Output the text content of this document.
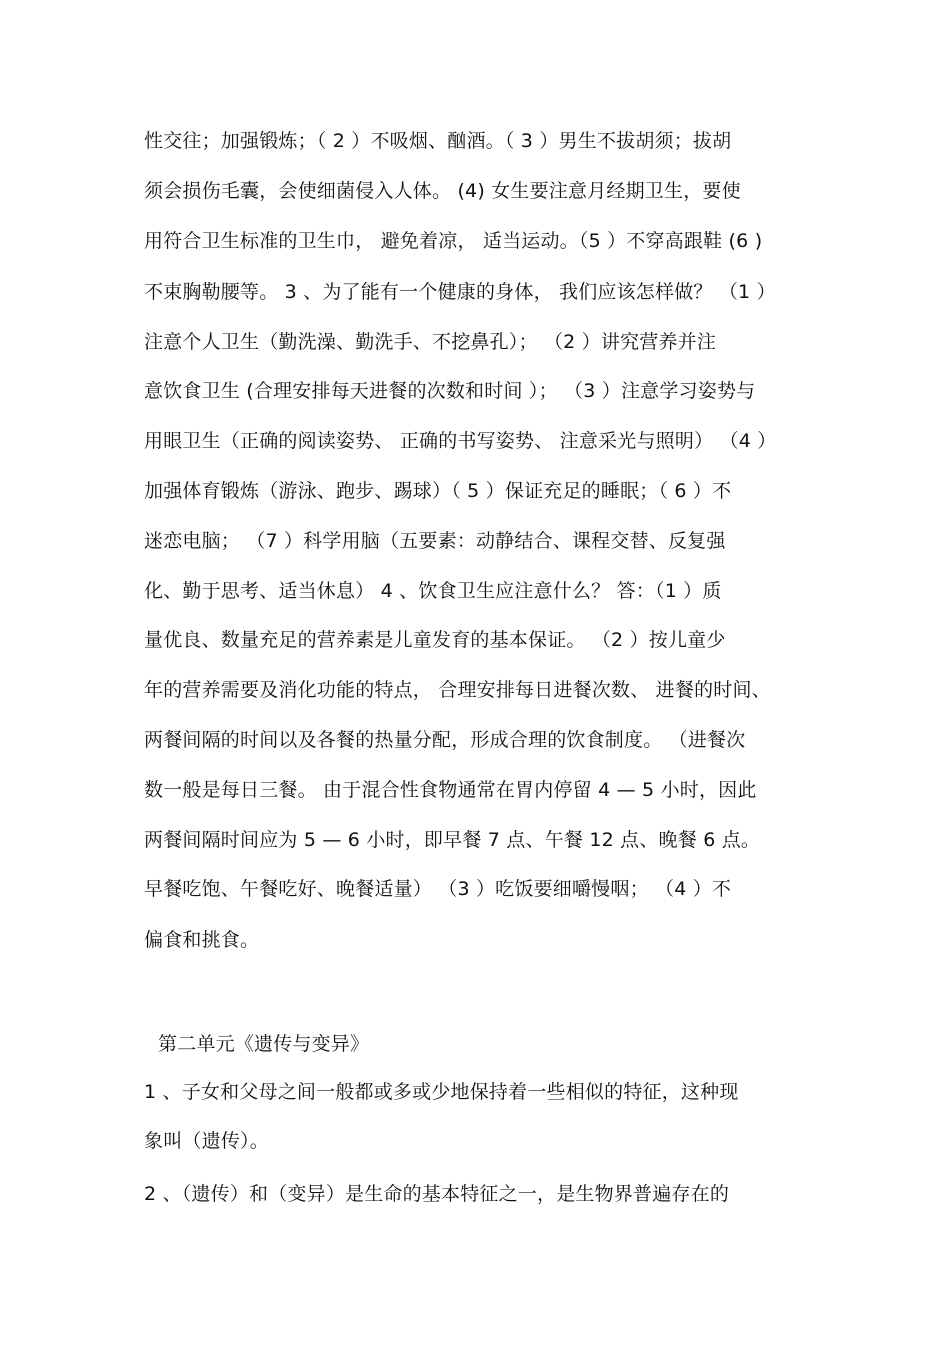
性交往；加强锻炼；（ 2 ）不吸烟、酗酒。（ 3 ）男生不拔胡须；拔胡
须会损伤毛囊，会使细菌侵入人体。 (4) 女生要注意月经期卫生，要使
用符合卫生标准的卫生巾， 避免着凉， 适当运动。（5 ）不穿高跟鞋 (6 )
不束胸勒腰等。 3 、为了能有一个健康的身体， 我们应该怎样做？ （1 ）
注意个人卫生（勤洗澡、勤洗手、不挖鼻孔）； （2 ）讲究营养并注
意饮食卫生 (合理安排每天进餐的次数和时间 ）； （3 ）注意学习姿势与
用眼卫生（正确的阅读姿势、 正确的书写姿势、 注意采光与照明） （4 ）
加强体育锻炼（游泳、跑步、踢球）（ 5 ）保证充足的睡眠；（ 6 ）不
迷恋电脑； （7 ）科学用脑（五要素：动静结合、课程交替、反复强
化、勤于思考、适当休息） 4 、饮食卫生应注意什么？ 答：（1 ）质
量优良、数量充足的营养素是儿童发育的基本保证。 （2 ）按儿童少
年的营养需要及消化功能的特点， 合理安排每日进餐次数、 进餐的时间、
两餐间隔的时间以及各餐的热量分配，形成合理的饮食制度。 （进餐次
数一般是每日三餐。 由于混合性食物通常在胃内停留 4 — 5 小时，因此
两餐间隔时间应为 5 — 6 小时，即早餐 7 点、午餐 12 点、晚餐 6 点。
早餐吃饱、午餐吃好、晚餐适量） （3 ）吃饭要细嚼慢咽； （4 ）不
偏食和挑食。
第二单元《遗传与变异》
1 、子女和父母之间一般都或多或少地保持着一些相似的特征，这种现
象叫（遗传）。
2 、（遗传）和（变异）是生命的基本特征之一，是生物界普遍存在的
